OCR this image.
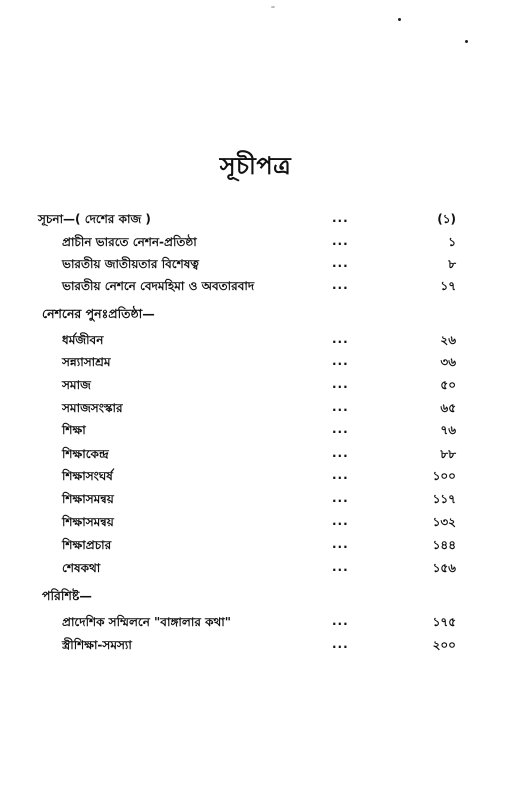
সূচীপত্র
সূচনা—( দেশের কাজ )	...	(১)
প্রাচীন ভারতে নেশন-প্রতিষ্ঠা	...	১
ভারতীয় জাতীয়তার বিশেষত্ব	...	৮
ভারতীয় নেশনে বেদমহিমা ও অবতারবাদ	...	১৭
নেশনের পুনঃপ্রতিষ্ঠা—
ধর্মজীবন	...	২৬
সন্ন্যাসাশ্রম	...	৩৬
সমাজ	...	৫০
সমাজসংস্কার	...	৬৫
শিক্ষা	...	৭৬
শিক্ষাকেন্দ্র	...	৮৮
শিক্ষাসংঘর্ষ	...	১০০
শিক্ষাসমন্বয়	...	১১৭
শিক্ষাসমন্বয়	...	১৩২
শিক্ষাপ্রচার	...	১৪৪
শেষকথা	...	১৫৬
পরিশিষ্ট—
প্রাদেশিক সম্মিলনে "বাঙ্গালার কথা"	...	১৭৫
স্ত্রীশিক্ষা-সমস্যা	...	২০০
